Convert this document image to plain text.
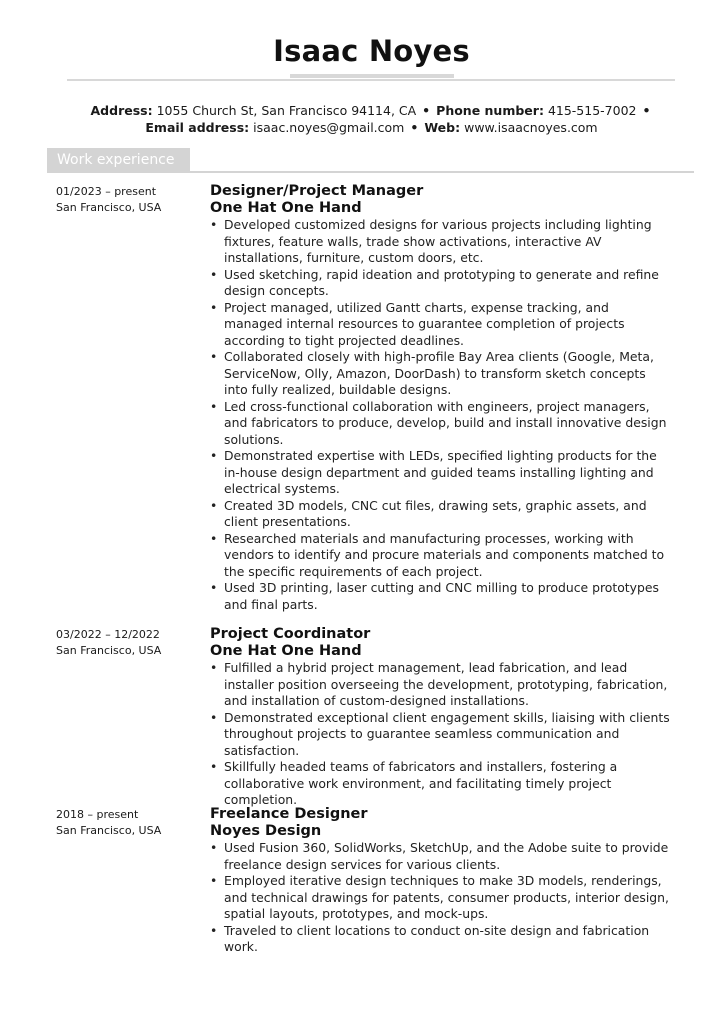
Isaac Noyes
Address: 1055 Church St, San Francisco 94114, CA • Phone number: 415-515-7002 •
Email address: isaac.noyes@gmail.com • Web: www.isaacnoyes.com
Work experience
01/2023 – present
San Francisco, USA
Designer/Project Manager
One Hat One Hand
• Developed customized designs for various projects including lighting fixtures, feature walls, trade show activations, interactive AV installations, furniture, custom doors, etc.
• Used sketching, rapid ideation and prototyping to generate and refine design concepts.
• Project managed, utilized Gantt charts, expense tracking, and managed internal resources to guarantee completion of projects according to tight projected deadlines.
• Collaborated closely with high-profile Bay Area clients (Google, Meta, ServiceNow, Olly, Amazon, DoorDash) to transform sketch concepts into fully realized, buildable designs.
• Led cross-functional collaboration with engineers, project managers, and fabricators to produce, develop, build and install innovative design solutions.
• Demonstrated expertise with LEDs, specified lighting products for the in-house design department and guided teams installing lighting and electrical systems.
• Created 3D models, CNC cut files, drawing sets, graphic assets, and client presentations.
• Researched materials and manufacturing processes, working with vendors to identify and procure materials and components matched to the specific requirements of each project.
• Used 3D printing, laser cutting and CNC milling to produce prototypes and final parts.
03/2022 – 12/2022
San Francisco, USA
Project Coordinator
One Hat One Hand
• Fulfilled a hybrid project management, lead fabrication, and lead installer position overseeing the development, prototyping, fabrication, and installation of custom-designed installations.
• Demonstrated exceptional client engagement skills, liaising with clients throughout projects to guarantee seamless communication and satisfaction.
• Skillfully headed teams of fabricators and installers, fostering a collaborative work environment, and facilitating timely project completion.
2018 – present
San Francisco, USA
Freelance Designer
Noyes Design
• Used Fusion 360, SolidWorks, SketchUp, and the Adobe suite to provide freelance design services for various clients.
• Employed iterative design techniques to make 3D models, renderings, and technical drawings for patents, consumer products, interior design, spatial layouts, prototypes, and mock-ups.
• Traveled to client locations to conduct on-site design and fabrication work.
